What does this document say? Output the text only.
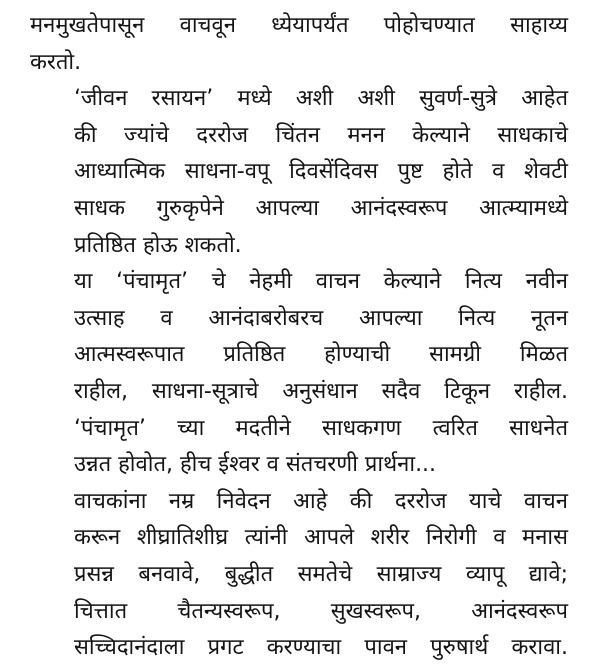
मनमुखतेपासून वाचवून ध्येयापर्यंत पोहोचण्यात साहाय्य
करतो.

‘जीवन रसायन’ मध्ये अशी अशी सुवर्ण-सुत्रे आहेत
की ज्यांचे दररोज चिंतन मनन केल्याने साधकाचे
आध्यात्मिक साधना-वपू दिवसेंदिवस पुष्ट होते व शेवटी
साधक गुरुकृपेने आपल्या आनंदस्वरूप आत्म्यामध्ये
प्रतिष्ठित होऊ शकतो.

या ‘पंचामृत’ चे नेहमी वाचन केल्याने नित्य नवीन
उत्साह व आनंदाबरोबरच आपल्या नित्य नूतन
आत्मस्वरूपात प्रतिष्ठित होण्याची सामग्री मिळत
राहील, साधना-सूत्राचे अनुसंधान सदैव टिकून राहील.

‘पंचामृत’ च्या मदतीने साधकगण त्वरित साधनेत
उन्नत होवोत, हीच ईश्वर व संतचरणी प्रार्थना...

वाचकांना नम्र निवेदन आहे की दररोज याचे वाचन
करून शीघ्रातिशीघ्र त्यांनी आपले शरीर निरोगी व मनास
प्रसन्न बनवावे, बुद्धीत समतेचे साम्राज्य व्यापू द्यावे;
चित्तात चैतन्यस्वरूप, सुखस्वरूप, आनंदस्वरूप
सच्चिदानंदाला प्रगट करण्याचा पावन पुरुषार्थ करावा.
